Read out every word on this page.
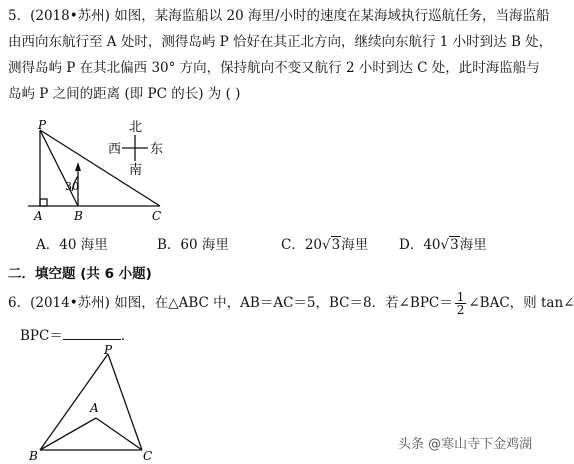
5．(2018•苏州) 如图，某海监船以 20 海里/小时的速度在某海域执行巡航任务，当海监船
由西向东航行至 A 处时，测得岛屿 P 恰好在其正北方向，继续向东航行 1 小时到达 B 处，
测得岛屿 P 在其北偏西 30° 方向，保持航向不变又航行 2 小时到达 C 处，此时海监船与
岛屿 P 之间的距离 (即 PC 的长) 为 ( )
北
南
西 东
P
A	B	C
30
A．40 海里	B．60 海里	C．20√3海里 D．40√3海里
二．填空题 (共 6 小题)
6．(2014•苏州) 如图，在△ABC 中，AB＝AC＝5，BC＝8．若∠BPC＝ $\frac{1}{2}$ ∠BAC，则 tan∠
BPC＝	．
P
A
B	C
头条 @寒山寺下金鸡湖
